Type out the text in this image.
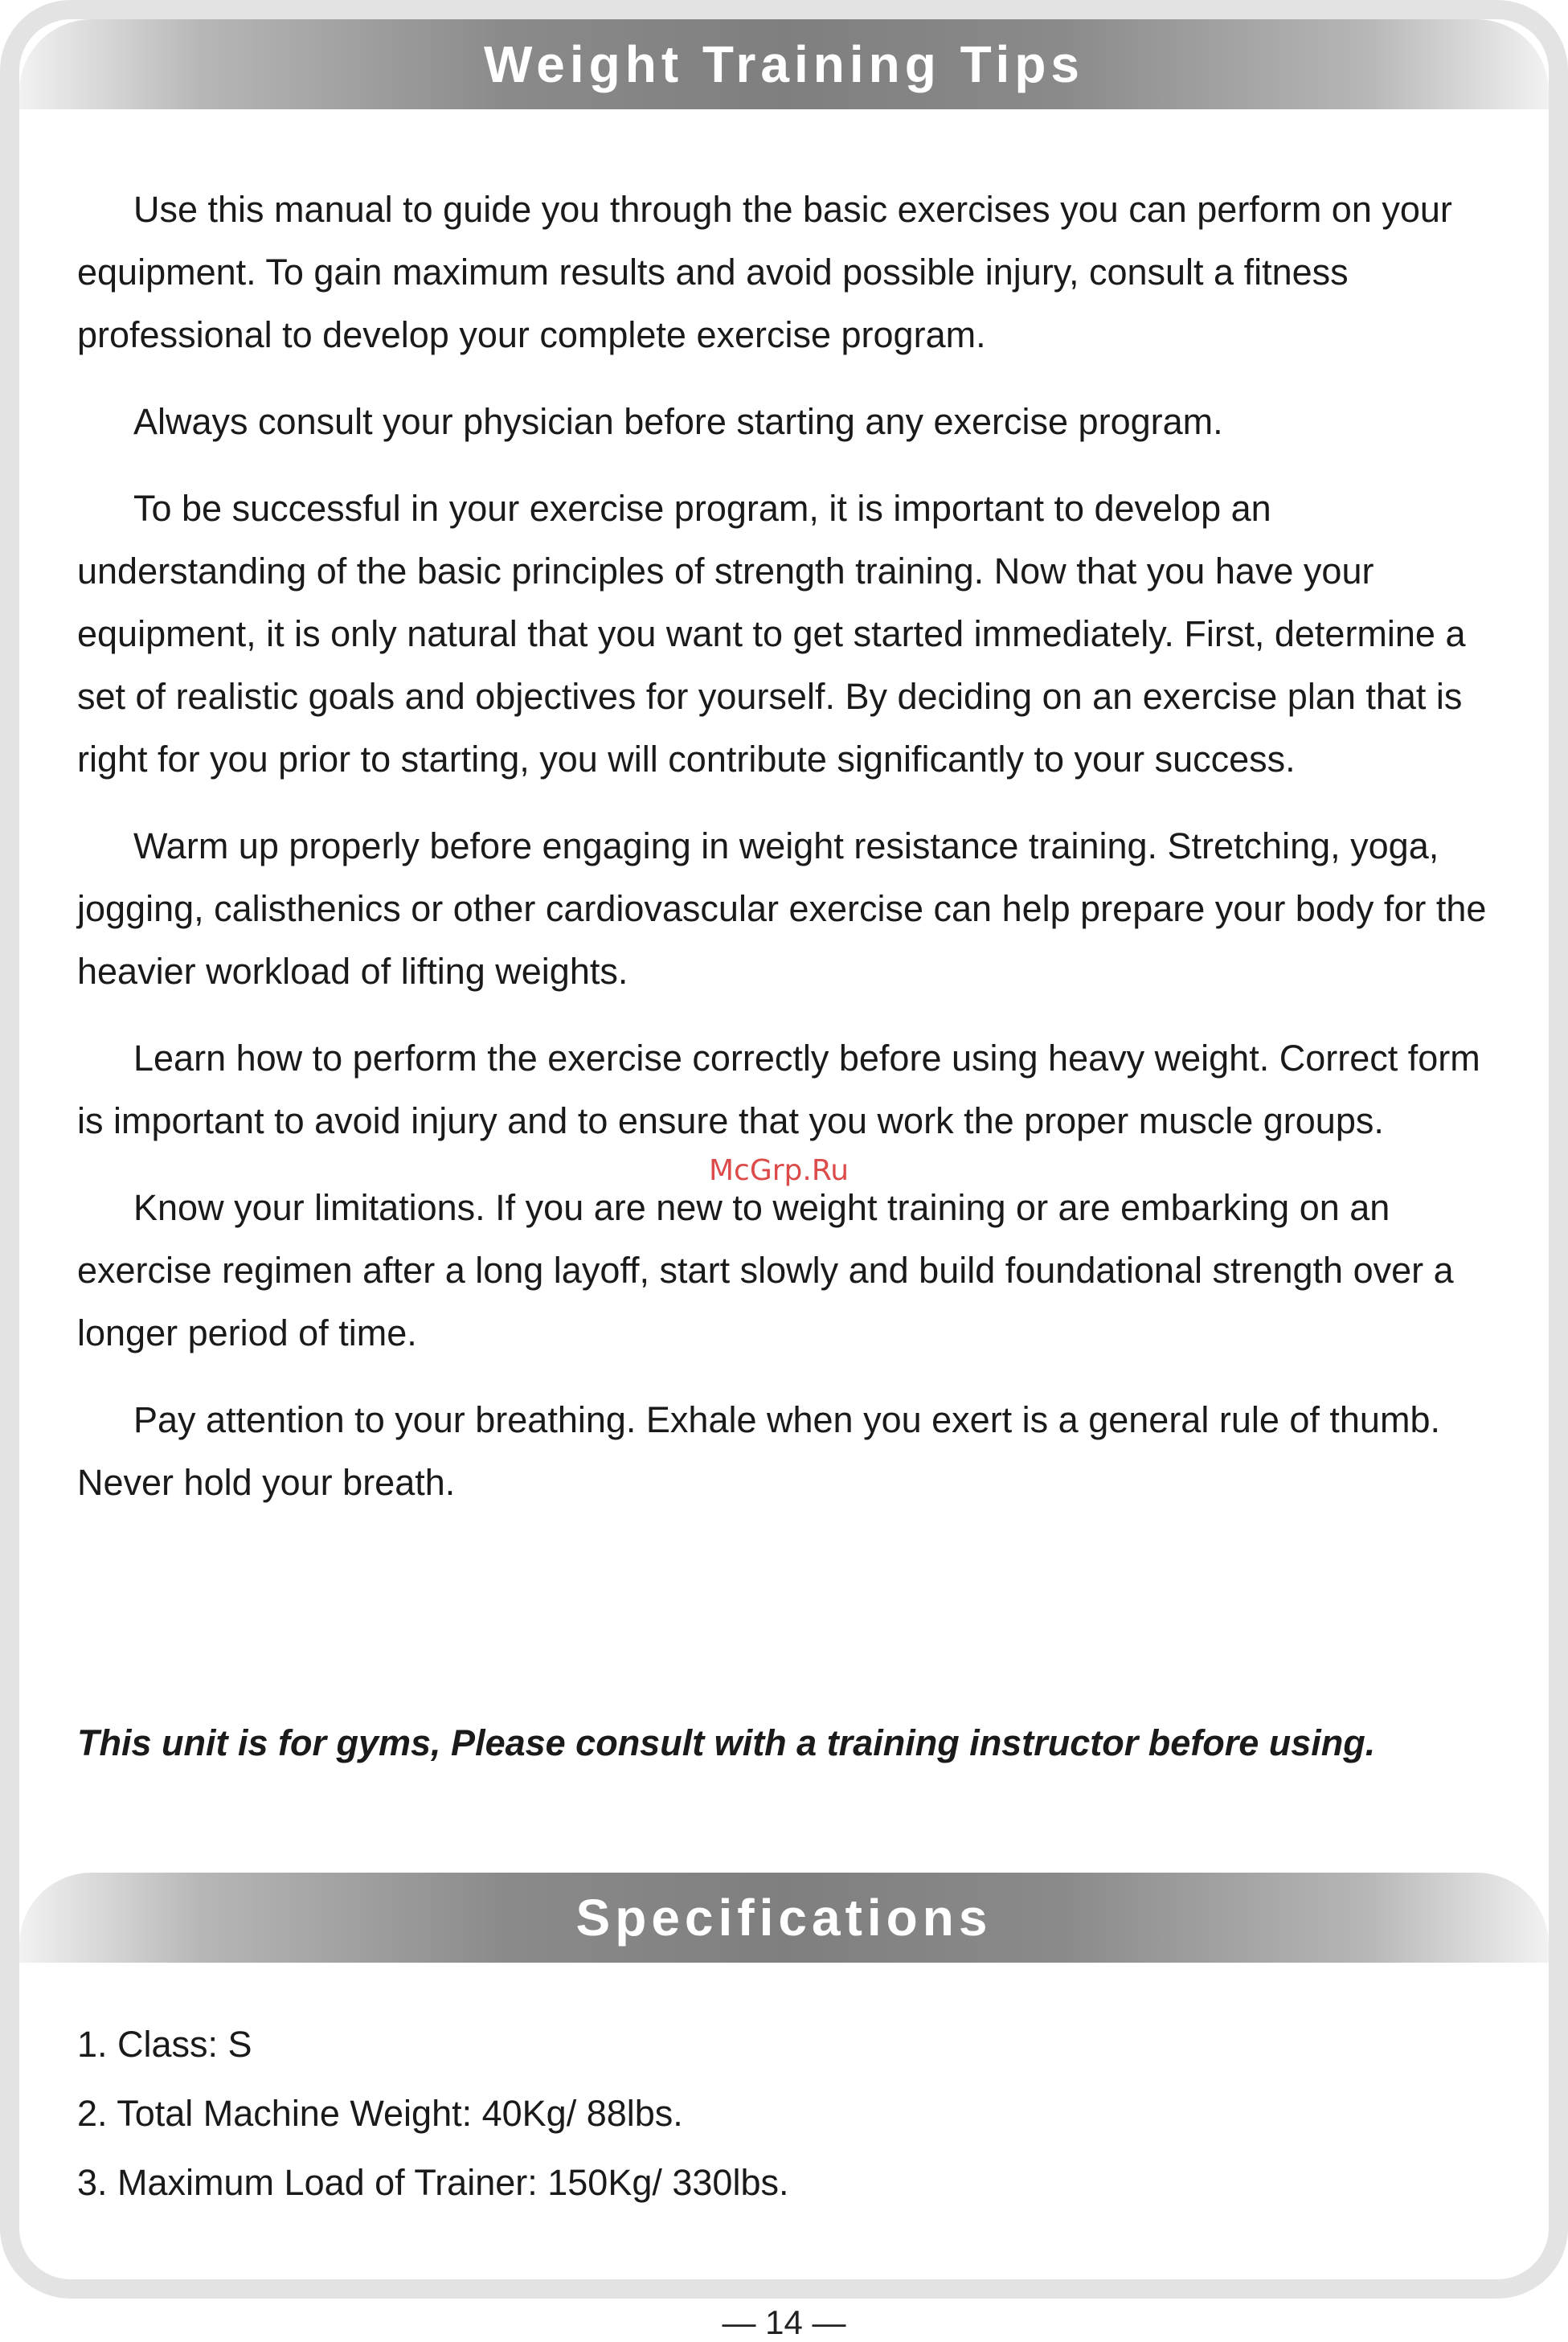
Weight Training Tips

Use this manual to guide you through the basic exercises you can perform on your equipment. To gain maximum results and avoid possible injury, consult a fitness professional to develop your complete exercise program.

Always consult your physician before starting any exercise program.

To be successful in your exercise program, it is important to develop an understanding of the basic principles of strength training. Now that you have your equipment, it is only natural that you want to get started immediately. First, determine a set of realistic goals and objectives for yourself. By deciding on an exercise plan that is right for you prior to starting, you will contribute significantly to your success.

Warm up properly before engaging in weight resistance training. Stretching, yoga, jogging, calisthenics or other cardiovascular exercise can help prepare your body for the heavier workload of lifting weights.

Learn how to perform the exercise correctly before using heavy weight. Correct form is important to avoid injury and to ensure that you work the proper muscle groups.

Know your limitations. If you are new to weight training or are embarking on an exercise regimen after a long layoff, start slowly and build foundational strength over a longer period of time.

Pay attention to your breathing. Exhale when you exert is a general rule of thumb. Never hold your breath.

This unit is for gyms, Please consult with a training instructor before using.
McGrp.Ru
Specifications
1. Class: S
2. Total Machine Weight: 40Kg/ 88lbs.
3. Maximum Load of Trainer: 150Kg/ 330lbs.
— 14 —
